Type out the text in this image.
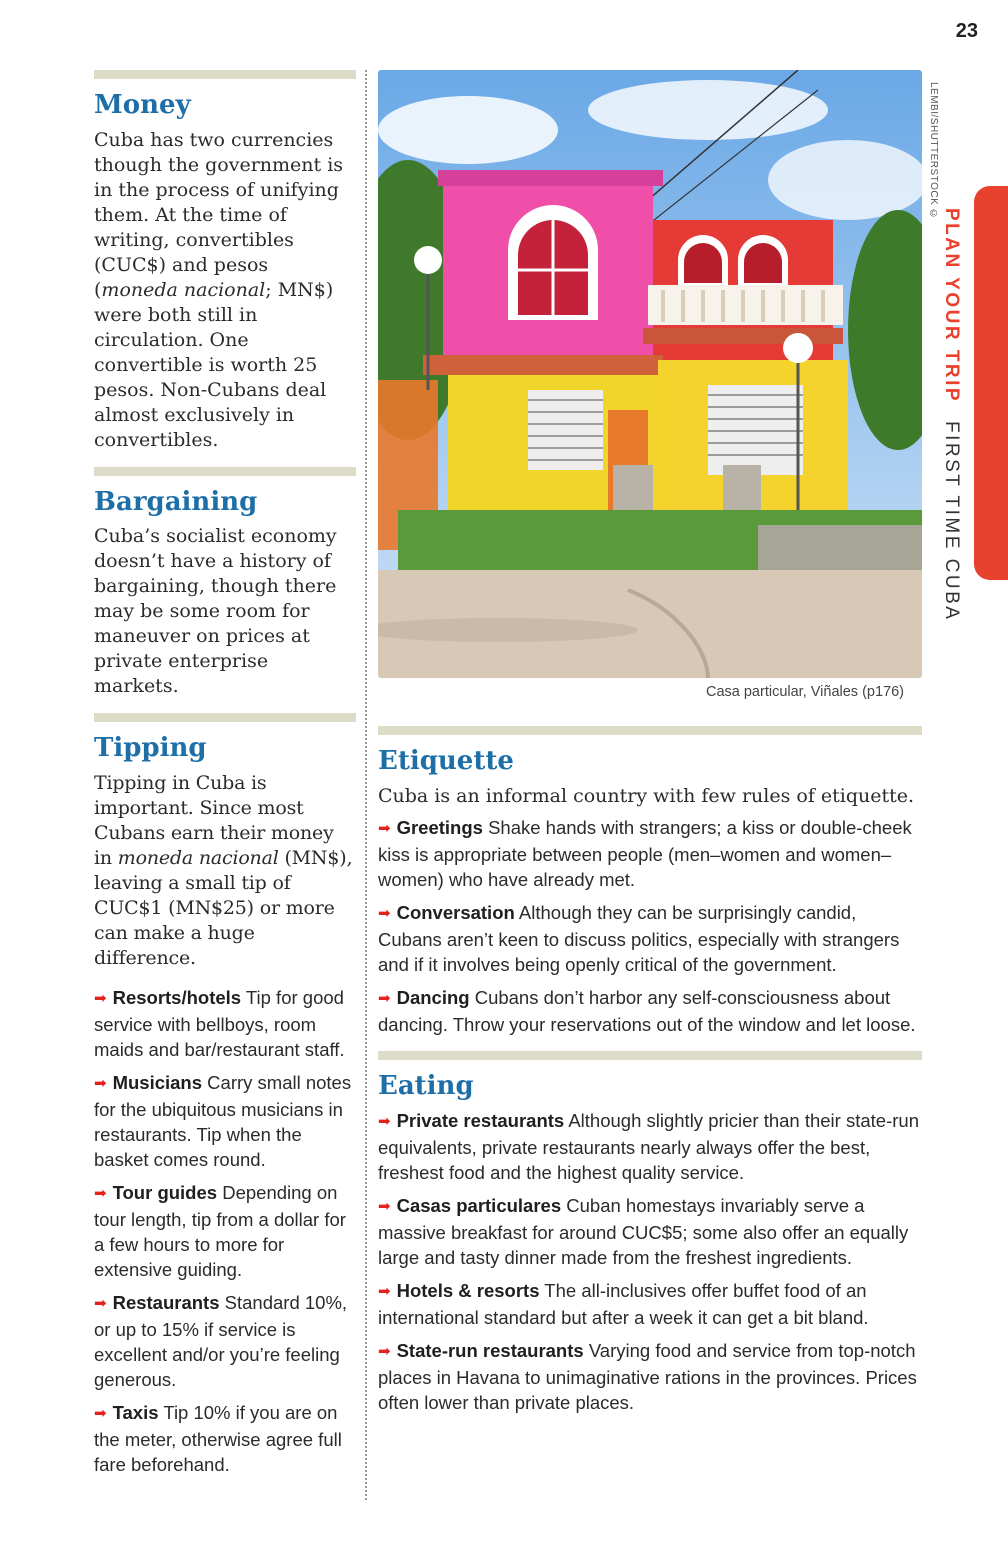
23
PLAN YOUR TRIP FIRST TIME CUBA
LEMBI/SHUTTERSTOCK ©
Money

Cuba has two currencies though the government is in the process of unifying them. At the time of writing, convertibles (CUC$) and pesos (moneda nacional; MN$) were both still in circulation. One convertible is worth 25 pesos. Non-Cubans deal almost exclusively in convertibles.

Bargaining

Cuba’s socialist economy doesn’t have a history of bargaining, though there may be some room for maneuver on prices at private enterprise markets.

Tipping

Tipping in Cuba is important. Since most Cubans earn their money in moneda nacional (MN$), leaving a small tip of CUC$1 (MN$25) or more can make a huge difference.

➡ Resorts/hotels Tip for good service with bellboys, room maids and bar/restaurant staff.

➡ Musicians Carry small notes for the ubiquitous musicians in restaurants. Tip when the basket comes round.

➡ Tour guides Depending on tour length, tip from a dollar for a few hours to more for extensive guiding.

➡ Restaurants Standard 10%, or up to 15% if service is excellent and/or you’re feeling generous.

➡ Taxis Tip 10% if you are on the meter, otherwise agree full fare beforehand.

Casa particular, Viñales (p176)
Etiquette

Cuba is an informal country with few rules of etiquette.

➡ Greetings Shake hands with strangers; a kiss or double-cheek kiss is appropriate between people (men–women and women–women) who have already met.

➡ Conversation Although they can be surprisingly candid, Cubans aren’t keen to discuss politics, especially with strangers and if it involves being openly critical of the government.

➡ Dancing Cubans don’t harbor any self-consciousness about dancing. Throw your reservations out of the window and let loose.

Eating

➡ Private restaurants Although slightly pricier than their state-run equivalents, private restaurants nearly always offer the best, freshest food and the highest quality service.

➡ Casas particulares Cuban homestays invariably serve a massive breakfast for around CUC$5; some also offer an equally large and tasty dinner made from the freshest ingredients.

➡ Hotels & resorts The all-inclusives offer buffet food of an international standard but after a week it can get a bit bland.

➡ State-run restaurants Varying food and service from top-notch places in Havana to unimaginative rations in the provinces. Prices often lower than private places.
